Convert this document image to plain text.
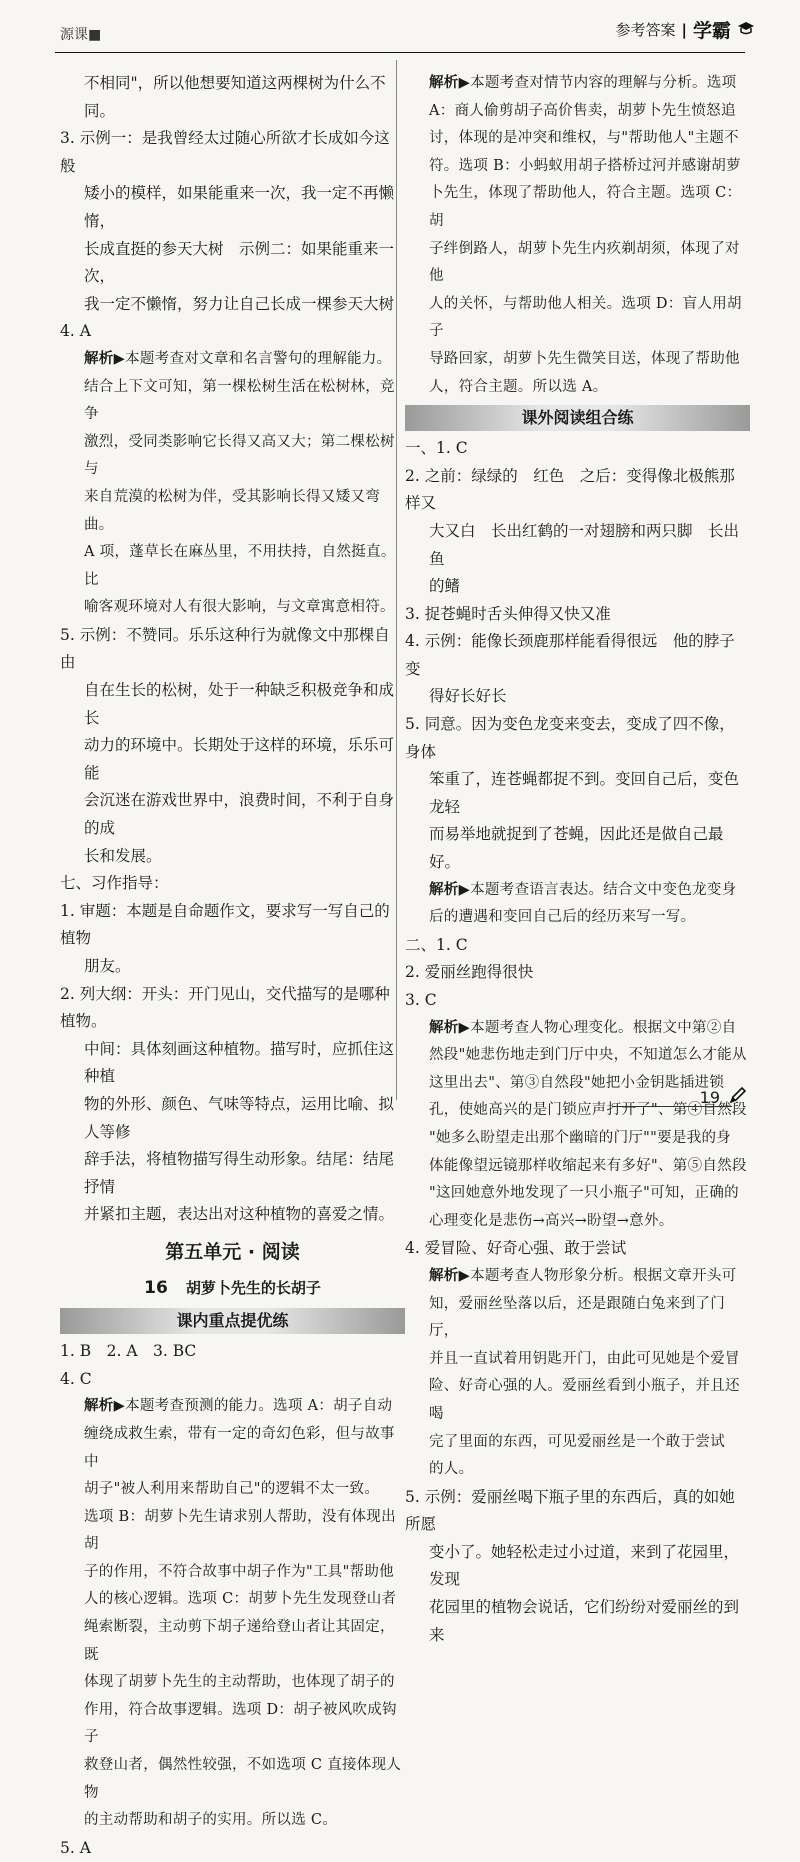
源课■	参考答案 | 学霸

不相同"，所以他想要知道这两棵树为什么不同。

3. 示例一：是我曾经太过随心所欲才长成如今这般

矮小的模样，如果能重来一次，我一定不再懒惰，

长成直挺的参天大树　示例二：如果能重来一次，

我一定不懒惰，努力让自己长成一棵参天大树

4. A

解析▶本题考查对文章和名言警句的理解能力。

结合上下文可知，第一棵松树生活在松树林，竞争

激烈，受同类影响它长得又高又大；第二棵松树与

来自荒漠的松树为伴，受其影响长得又矮又弯曲。

A 项，蓬草长在麻丛里，不用扶持，自然挺直。比

喻客观环境对人有很大影响，与文章寓意相符。

5. 示例：不赞同。乐乐这种行为就像文中那棵自由

自在生长的松树，处于一种缺乏积极竞争和成长

动力的环境中。长期处于这样的环境，乐乐可能

会沉迷在游戏世界中，浪费时间，不利于自身的成

长和发展。

七、习作指导：

1. 审题：本题是自命题作文，要求写一写自己的植物

朋友。

2. 列大纲：开头：开门见山，交代描写的是哪种植物。

中间：具体刻画这种植物。描写时，应抓住这种植

物的外形、颜色、气味等特点，运用比喻、拟人等修

辞手法，将植物描写得生动形象。结尾：结尾抒情

并紧扣主题，表达出对这种植物的喜爱之情。

第五单元 · 阅读
16 胡萝卜先生的长胡子
课内重点提优练

1. B　2. A　3. BC

4. C

解析▶本题考查预测的能力。选项 A：胡子自动

缠绕成救生索，带有一定的奇幻色彩，但与故事中

胡子"被人利用来帮助自己"的逻辑不太一致。

选项 B：胡萝卜先生请求别人帮助，没有体现出胡

子的作用，不符合故事中胡子作为"工具"帮助他

人的核心逻辑。选项 C：胡萝卜先生发现登山者

绳索断裂，主动剪下胡子递给登山者让其固定，既

体现了胡萝卜先生的主动帮助，也体现了胡子的

作用，符合故事逻辑。选项 D：胡子被风吹成钩子

救登山者，偶然性较强，不如选项 C 直接体现人物

的主动帮助和胡子的实用。所以选 C。

5. A

解析▶本题考查对情节内容的理解与分析。选项

A：商人偷剪胡子高价售卖，胡萝卜先生愤怒追

讨，体现的是冲突和维权，与"帮助他人"主题不

符。选项 B：小蚂蚁用胡子搭桥过河并感谢胡萝

卜先生，体现了帮助他人，符合主题。选项 C：胡

子绊倒路人，胡萝卜先生内疚剃胡须，体现了对他

人的关怀，与帮助他人相关。选项 D：盲人用胡子

导路回家，胡萝卜先生微笑目送，体现了帮助他

人，符合主题。所以选 A。

课外阅读组合练

一、1. C

2. 之前：绿绿的　红色　之后：变得像北极熊那样又

大又白　长出红鹤的一对翅膀和两只脚　长出鱼

的鳍

3. 捉苍蝇时舌头伸得又快又准

4. 示例：能像长颈鹿那样能看得很远　他的脖子变

得好长好长

5. 同意。因为变色龙变来变去，变成了四不像，身体

笨重了，连苍蝇都捉不到。变回自己后，变色龙轻

而易举地就捉到了苍蝇，因此还是做自己最好。

解析▶本题考查语言表达。结合文中变色龙变身

后的遭遇和变回自己后的经历来写一写。

二、1. C

2. 爱丽丝跑得很快

3. C

解析▶本题考查人物心理变化。根据文中第②自

然段"她悲伤地走到门厅中央，不知道怎么才能从

这里出去"、第③自然段"她把小金钥匙插进锁

孔，使她高兴的是门锁应声打开了"、第④自然段

"她多么盼望走出那个幽暗的门厅""要是我的身

体能像望远镜那样收缩起来有多好"、第⑤自然段

"这回她意外地发现了一只小瓶子"可知，正确的

心理变化是悲伤→高兴→盼望→意外。

4. 爱冒险、好奇心强、敢于尝试

解析▶本题考查人物形象分析。根据文章开头可

知，爱丽丝坠落以后，还是跟随白兔来到了门厅，

并且一直试着用钥匙开门，由此可见她是个爱冒

险、好奇心强的人。爱丽丝看到小瓶子，并且还喝

完了里面的东西，可见爱丽丝是一个敢于尝试

的人。

5. 示例：爱丽丝喝下瓶子里的东西后，真的如她所愿

变小了。她轻松走过小过道，来到了花园里，发现

花园里的植物会说话，它们纷纷对爱丽丝的到来

19
